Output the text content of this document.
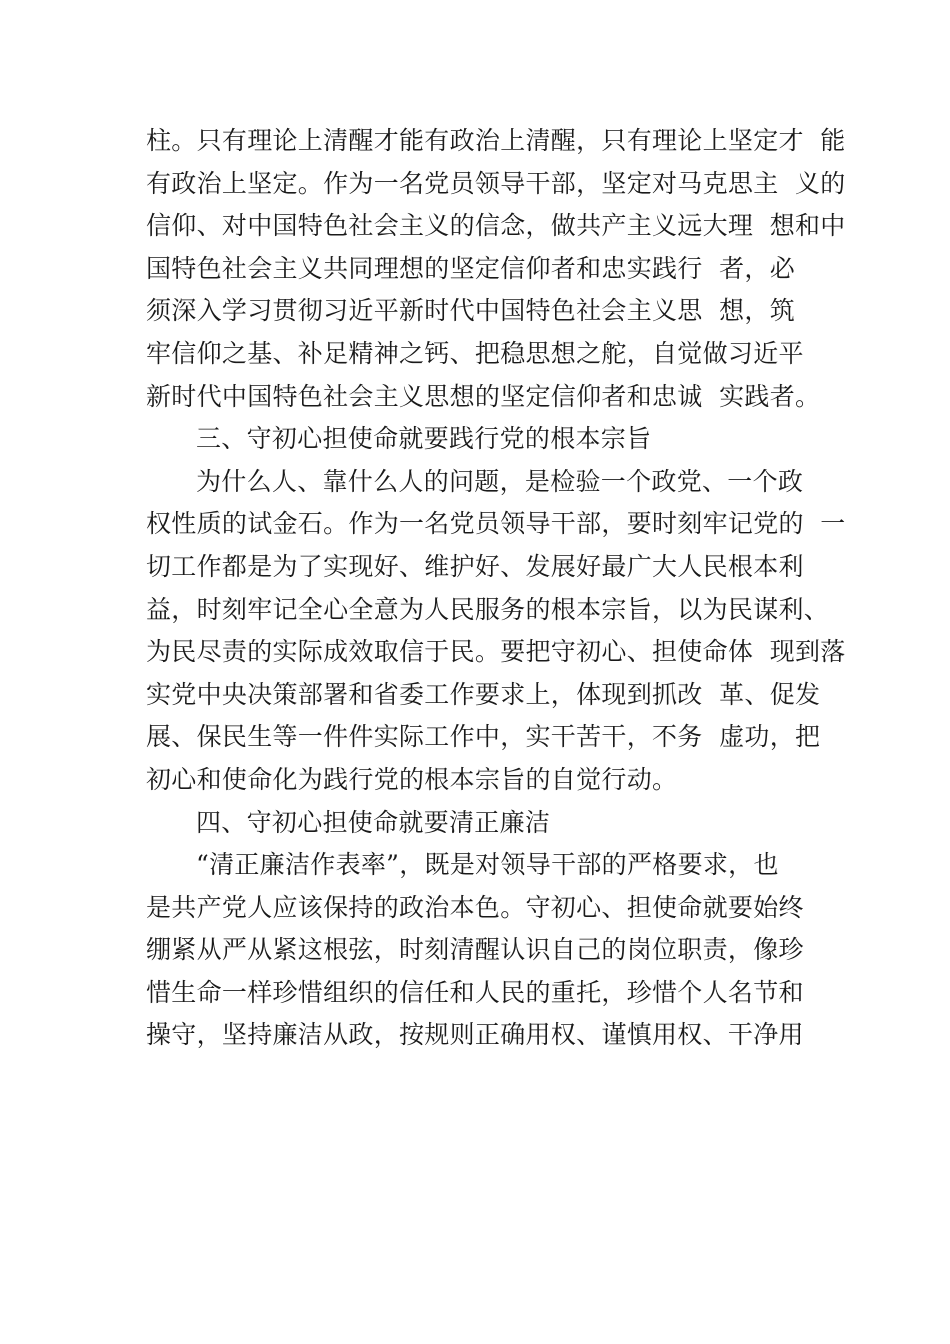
柱。只有理论上清醒才能有政治上清醒，只有理论上坚定才  能
有政治上坚定。作为一名党员领导干部，坚定对马克思主  义的
信仰、对中国特色社会主义的信念，做共产主义远大理  想和中
国特色社会主义共同理想的坚定信仰者和忠实践行  者，必
须深入学习贯彻习近平新时代中国特色社会主义思  想，筑
牢信仰之基、补足精神之钙、把稳思想之舵，自觉做习近平
新时代中国特色社会主义思想的坚定信仰者和忠诚  实践者。
三、守初心担使命就要践行党的根本宗旨
为什么人、靠什么人的问题，是检验一个政党、一个政
权性质的试金石。作为一名党员领导干部，要时刻牢记党的  一
切工作都是为了实现好、维护好、发展好最广大人民根本利
益，时刻牢记全心全意为人民服务的根本宗旨，以为民谋利、
为民尽责的实际成效取信于民。要把守初心、担使命体  现到落
实党中央决策部署和省委工作要求上，体现到抓改  革、促发
展、保民生等一件件实际工作中，实干苦干，不务  虚功，把
初心和使命化为践行党的根本宗旨的自觉行动。
四、守初心担使命就要清正廉洁
“清正廉洁作表率”，既是对领导干部的严格要求，也
是共产党人应该保持的政治本色。守初心、担使命就要始终
绷紧从严从紧这根弦，时刻清醒认识自己的岗位职责，像珍
惜生命一样珍惜组织的信任和人民的重托，珍惜个人名节和
操守，坚持廉洁从政，按规则正确用权、谨慎用权、干净用
